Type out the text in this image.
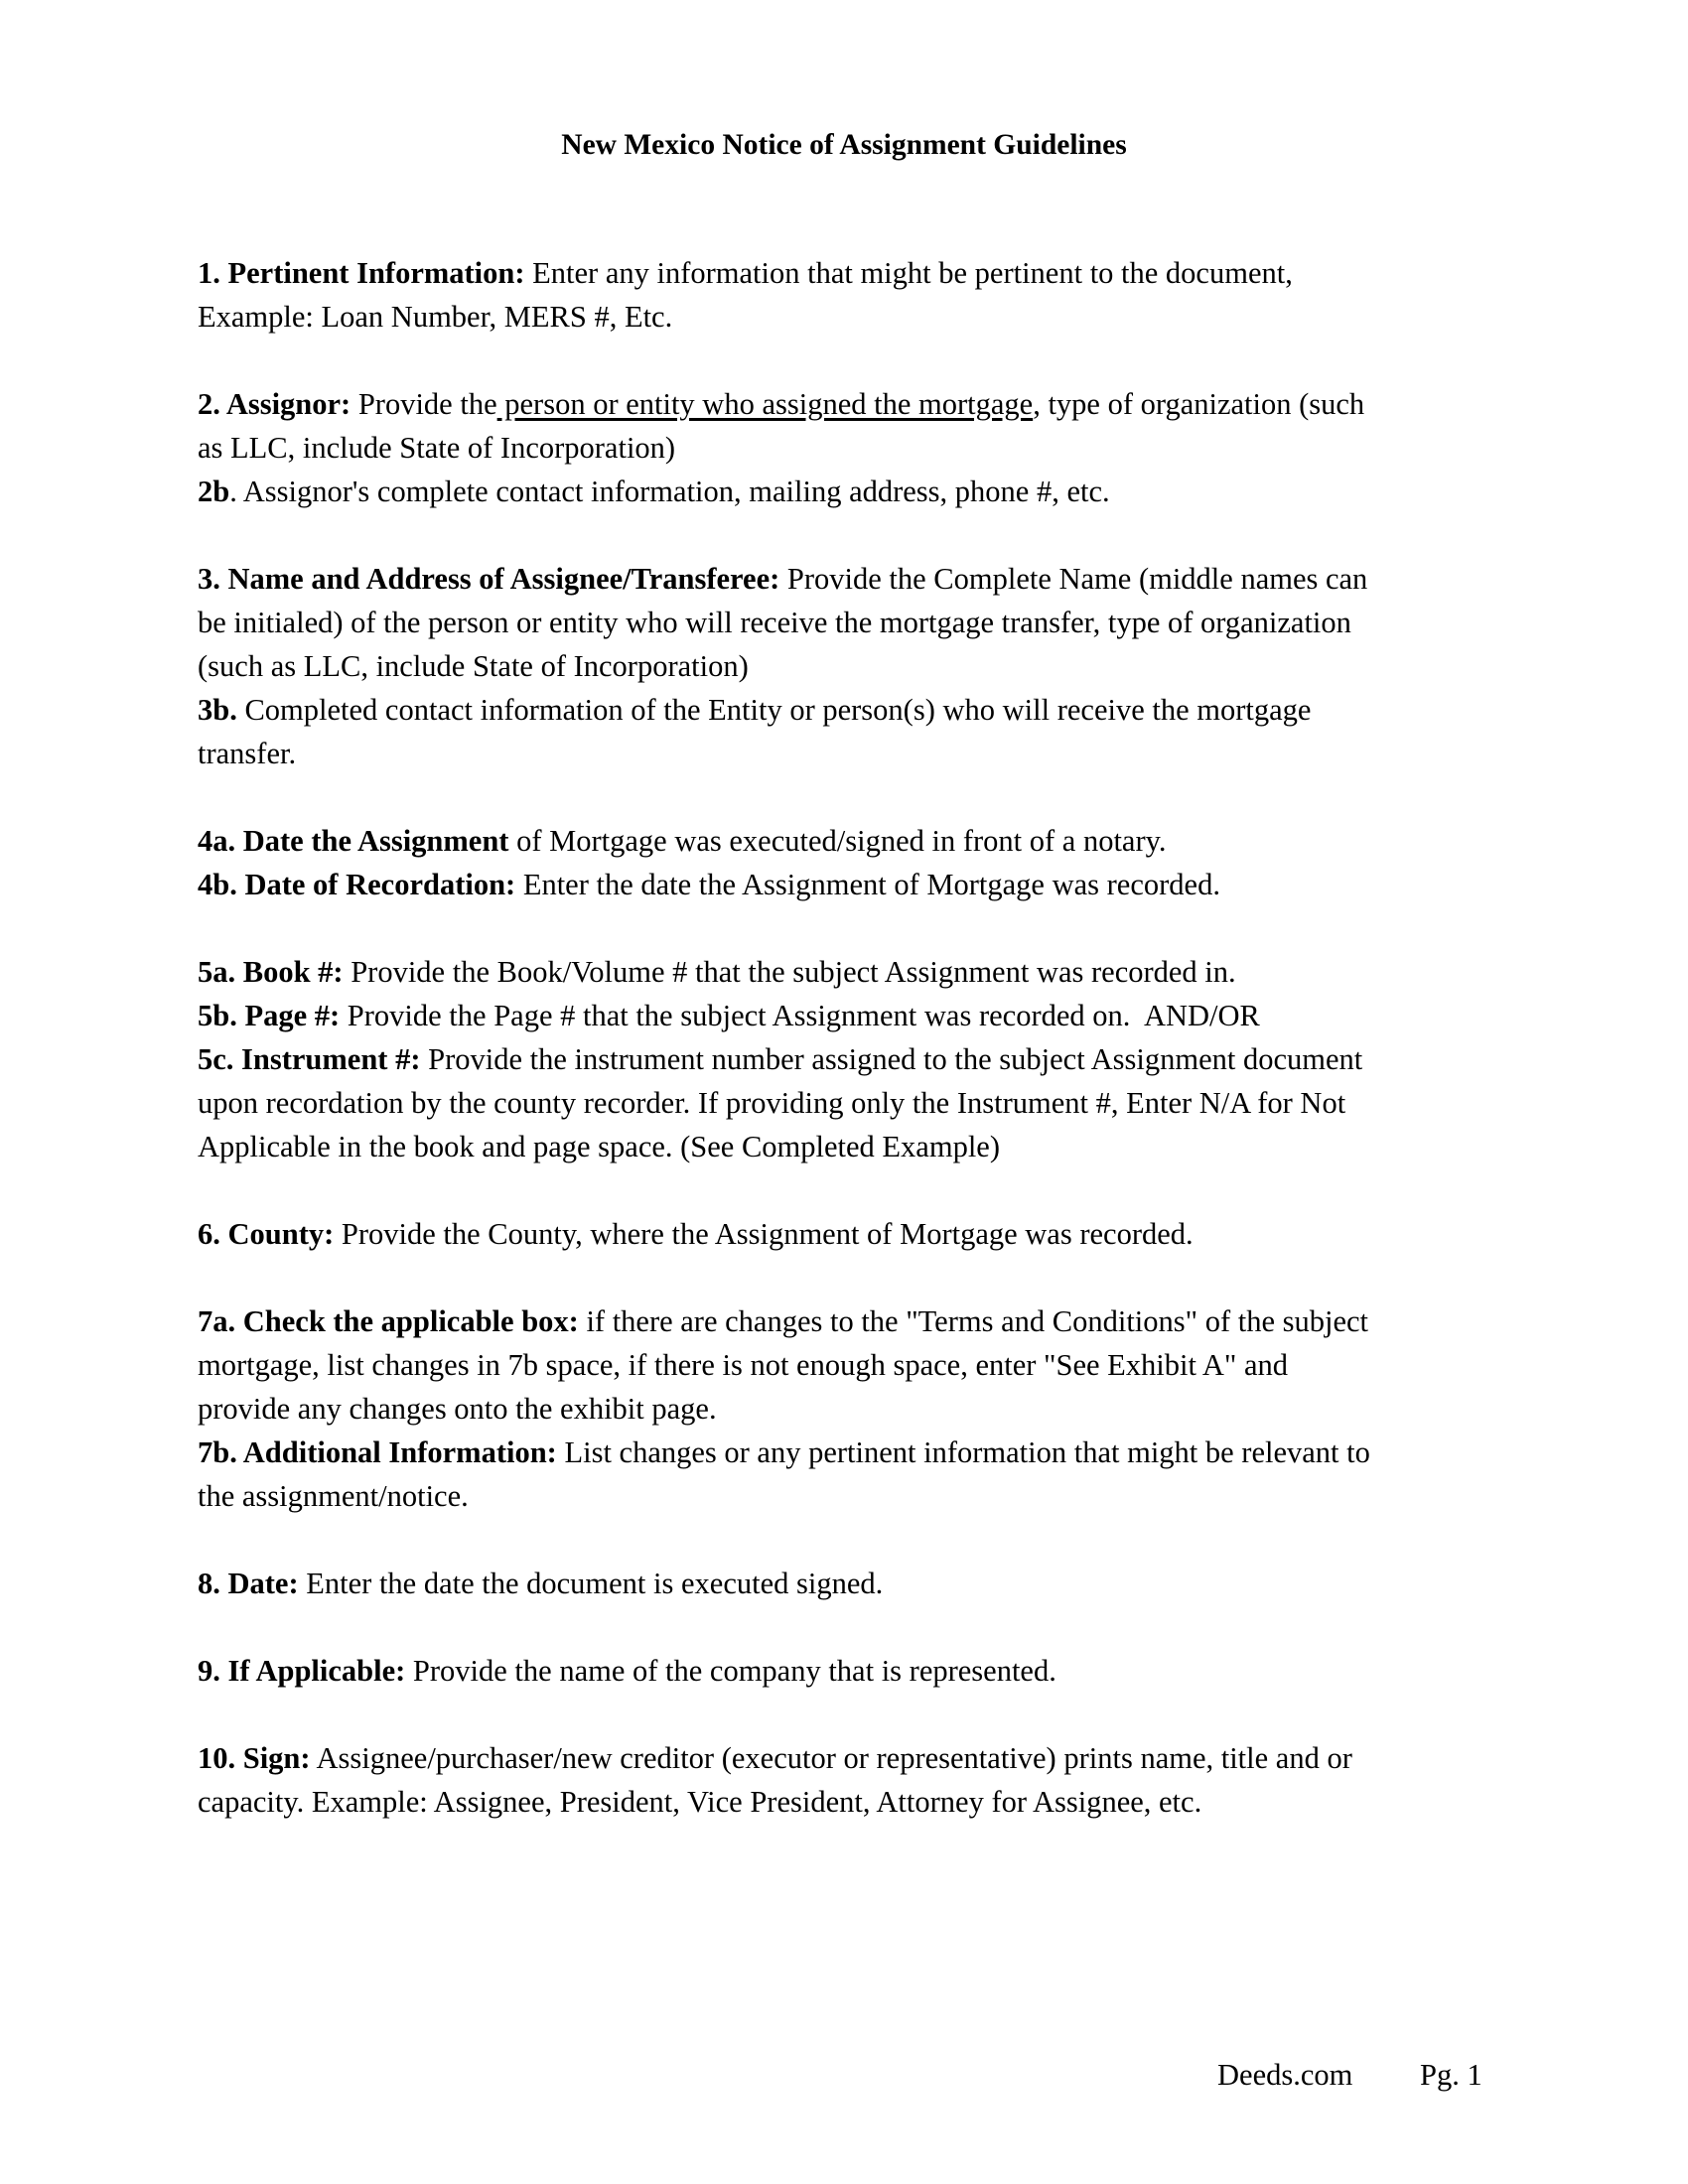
New Mexico Notice of Assignment Guidelines
1. Pertinent Information: Enter any information that might be pertinent to the document,
Example: Loan Number, MERS #, Etc.
2. Assignor: Provide the person or entity who assigned the mortgage, type of organization (such
as LLC, include State of Incorporation)
2b. Assignor's complete contact information, mailing address, phone #, etc.
3. Name and Address of Assignee/Transferee: Provide the Complete Name (middle names can
be initialed) of the person or entity who will receive the mortgage transfer, type of organization
(such as LLC, include State of Incorporation)
3b. Completed contact information of the Entity or person(s) who will receive the mortgage
transfer.
4a. Date the Assignment of Mortgage was executed/signed in front of a notary.
4b. Date of Recordation: Enter the date the Assignment of Mortgage was recorded.
5a. Book #: Provide the Book/Volume # that the subject Assignment was recorded in.
5b. Page #: Provide the Page # that the subject Assignment was recorded on.  AND/OR
5c. Instrument #: Provide the instrument number assigned to the subject Assignment document
upon recordation by the county recorder. If providing only the Instrument #, Enter N/A for Not
Applicable in the book and page space. (See Completed Example)
6. County: Provide the County, where the Assignment of Mortgage was recorded.
7a. Check the applicable box: if there are changes to the "Terms and Conditions" of the subject
mortgage, list changes in 7b space, if there is not enough space, enter "See Exhibit A" and
provide any changes onto the exhibit page.
7b. Additional Information: List changes or any pertinent information that might be relevant to
the assignment/notice.
8. Date: Enter the date the document is executed signed.
9. If Applicable: Provide the name of the company that is represented.
10. Sign: Assignee/purchaser/new creditor (executor or representative) prints name, title and or
capacity. Example: Assignee, President, Vice President, Attorney for Assignee, etc.
Deeds.com Pg. 1
